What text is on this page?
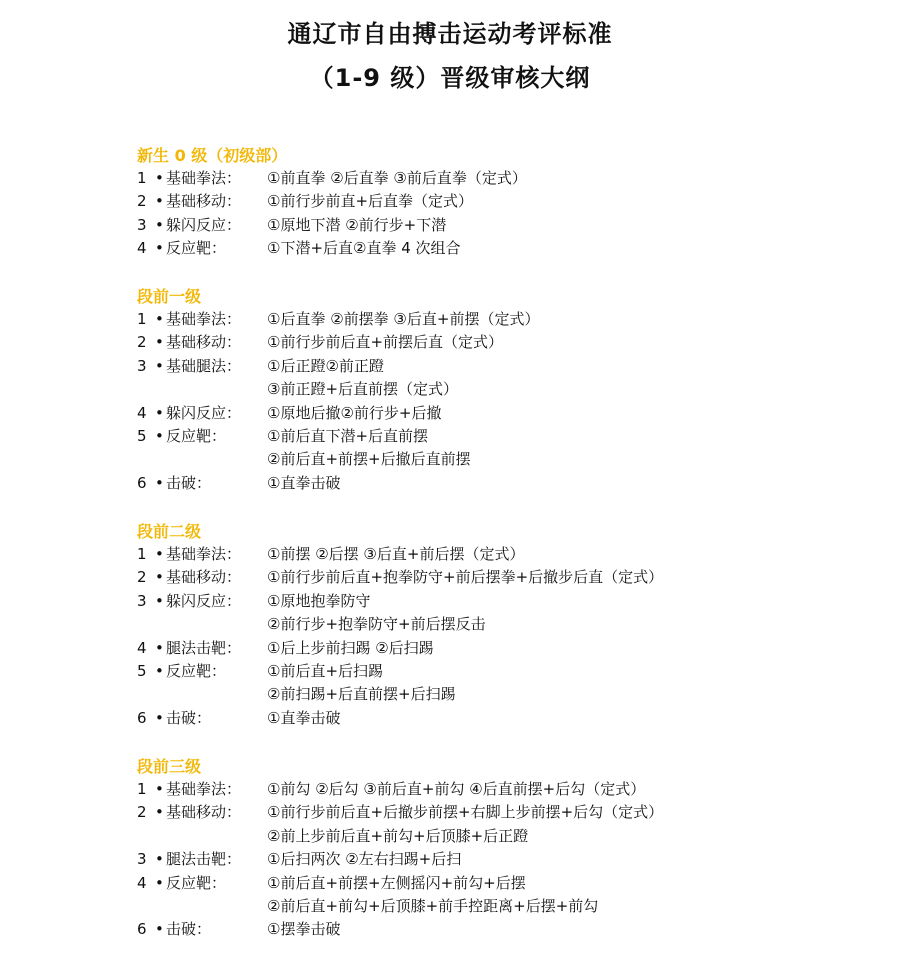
通辽市自由搏击运动考评标准
（1-9 级）晋级审核大纲
新生 0 级（初级部）
1 • 基础拳法：	①前直拳 ②后直拳 ③前后直拳（定式）
2 • 基础移动：	①前行步前直+后直拳（定式）
3 • 躲闪反应：	①原地下潜 ②前行步+下潜
4 • 反应靶：	①下潜+后直②直拳 4 次组合
段前一级
1 • 基础拳法：	①后直拳 ②前摆拳 ③后直+前摆（定式）
2 • 基础移动：	①前行步前后直+前摆后直（定式）
3 • 基础腿法：	①后正蹬②前正蹬
③前正蹬+后直前摆（定式）
4 • 躲闪反应：	①原地后撤②前行步+后撤
5 • 反应靶：	①前后直下潜+后直前摆
②前后直+前摆+后撤后直前摆
6 • 击破：	①直拳击破
段前二级
1 • 基础拳法：	①前摆 ②后摆 ③后直+前后摆（定式）
2 • 基础移动：	①前行步前后直+抱拳防守+前后摆拳+后撤步后直（定式）
3 • 躲闪反应：	①原地抱拳防守
②前行步+抱拳防守+前后摆反击
4 • 腿法击靶：	①后上步前扫踢 ②后扫踢
5 • 反应靶：	①前后直+后扫踢
②前扫踢+后直前摆+后扫踢
6 • 击破：	①直拳击破
段前三级
1 • 基础拳法：	①前勾 ②后勾 ③前后直+前勾 ④后直前摆+后勾（定式）
2 • 基础移动：	①前行步前后直+后撤步前摆+右脚上步前摆+后勾（定式）
②前上步前后直+前勾+后顶膝+后正蹬
3 • 腿法击靶：	①后扫两次 ②左右扫踢+后扫
4 • 反应靶：	①前后直+前摆+左侧摇闪+前勾+后摆
②前后直+前勾+后顶膝+前手控距离+后摆+前勾
6 • 击破：	①摆拳击破
